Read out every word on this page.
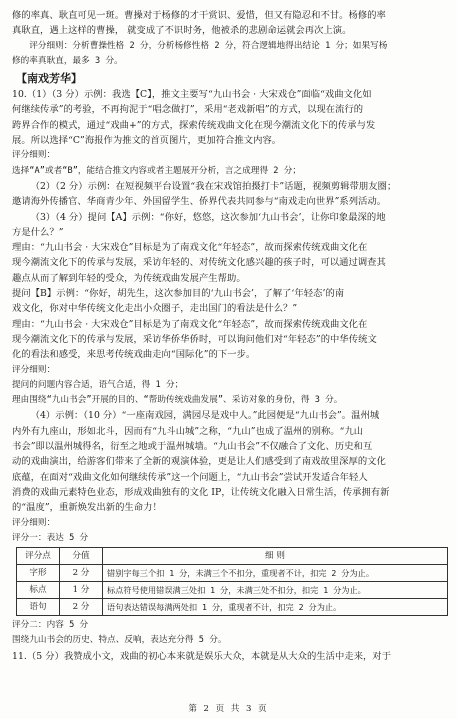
修的率真、耿直可见一斑。曹操对于杨修的才干赏识、爱惜，但又有隐忍和不甘。杨修的率

真耿直，遇上这样的曹操， 就变成了不识时务，他被杀的悲剧命运就会再次上演。

评分细则：分析曹操性格 2 分，分析杨修性格 2 分，符合逻辑地得出结论 1 分；如果写杨

修的率真耿直，最多 3 分。

【南戏芳华】

10.（1）（3 分）示例：我选【C】，推文主要写“九山书会 · 大宋戏仓”面临“戏曲文化如

何继续传承”的考验，不再拘泥于“唱念做打”，采用“老戏新唱”的方式，以现在流行的

跨界合作的模式，通过“戏曲+”的方式，探索传统戏曲文化在现今潮流文化下的传承与发

展。所以选择“C”海报作为推文的首页图片，更加符合推文内容。

评分细则：

选择“A”或者“B”，能结合推文内容或者主题展开分析，言之成理得 2 分；

（2）（2 分）示例：在短视频平台设置“我在宋戏馆拍摄打卡”话题，视频剪辑带朋友圈；

邀请海外传播官、华商青少年、外国留学生、侨界代表共同参与“南戏走向世界”系列活动。

（3）（4 分）提问【A】示例：“你好，悠悠，这次参加‘九山书会’，让你印象最深的地

方是什么？”

理由：“九山书会 · 大宋戏仓”目标是为了南戏文化“年轻态”，故而探索传统戏曲文化在

现今潮流文化下的传承与发展，采访年轻的、对传统文化感兴趣的孩子时，可以通过调查其

趣点从而了解到年轻的受众，为传统戏曲发展产生帮助。

提问【B】示例：“你好，胡先生，这次参加目的‘九山书会’，了解了‘年轻态’的南

戏文化，你对中华传统文化走出小众圈子，走出国门的看法是什么？”

理由：“九山书会 · 大宋戏仓”目标是为了南戏文化“年轻态”，故而探索传统戏曲文化在

现今潮流文化下的传承与发展，采访华侨华侨时，可以询问他们对“年轻态”的中华传统文

化的看法和感受，来思考传统戏曲走向“国际化”的下一步。

评分细则：

提问的问题内容合适，语气合适，得 1 分；

理由围绕“九山书会”开展的目的、“帮助传统戏曲发展”、采访对象的身份，得 3 分。

（4）示例：（10 分）“一座南戏园，满园尽是戏中人。”此园便是“九山书会”。温州城

内外有九座山，形如北斗，因而有“九斗山城”之称，“九山”也成了温州的别称。“九山

书会”即以温州城得名，衍至之地或于温州城墙。“九山书会”不仅融合了文化、历史和互

动的戏曲演出，给游客们带来了全新的观演体验，更是让人们感受到了南戏故里深厚的文化

底蕴，在面对“戏曲文化如何继续传承”这一个问题上，“九山书会”尝试开发适合年轻人

消费的戏曲元素特色业态，形成戏曲独有的文化 IP，让传统文化融入日常生活，传承拥有新

的“温度”，重新焕发出新的生命力！

评分细则：

评分一：表达 5 分

评分点	分值	细 则
字形	2 分	错别字每三个扣 1 分，未满三个不扣分，重现者不计，扣完 2 分为止。
标点	1 分	标点符号使用错误满三处扣 1 分，未满三处不扣分，扣完 1 分为止。
语句	2 分	语句表达错误每满两处扣 1 分，重现者不计，扣完 2 分为止。

评分二：内容 5 分

围绕九山书会的历史、特点、反响，表达充分得 5 分。

11.（5 分）我赞成小文，戏曲的初心本来就是娱乐大众，本就是从大众的生活中走来，对于

第 2 页 共 3 页
